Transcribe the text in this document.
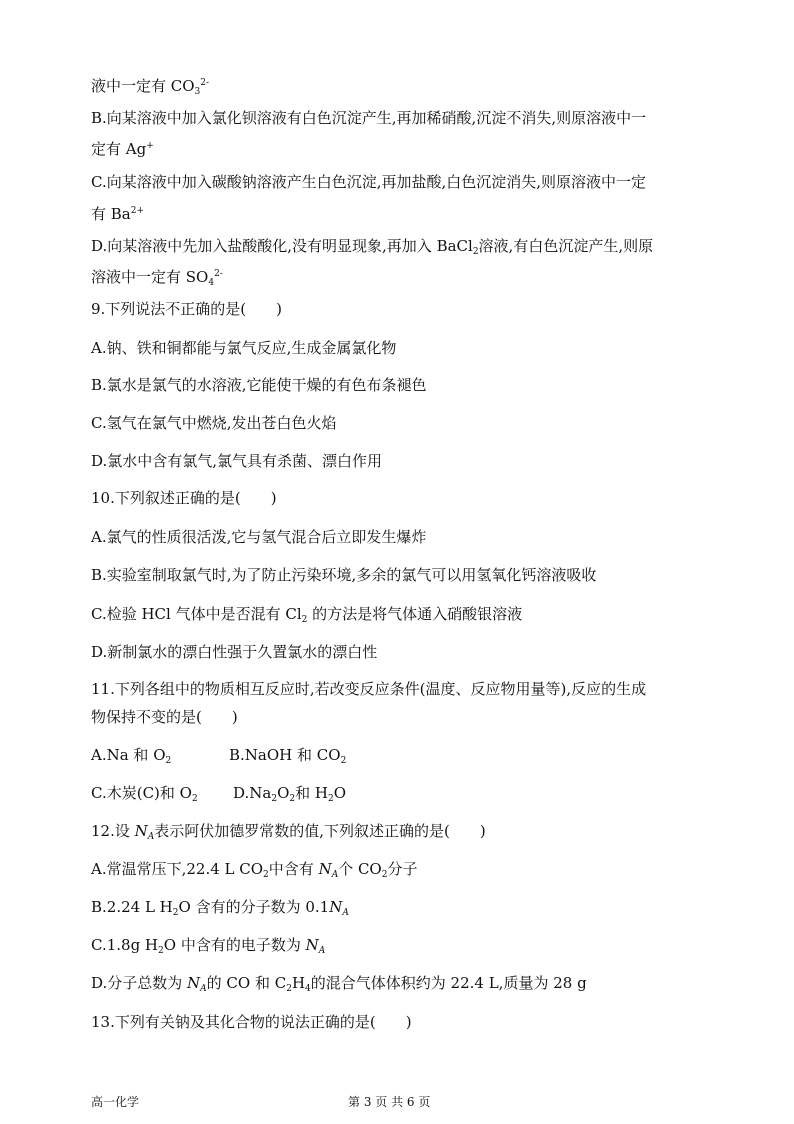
液中一定有 $CO_3^{2-}$
B.向某溶液中加入氯化钡溶液有白色沉淀产生,再加稀硝酸,沉淀不消失,则原溶液中一
定有 Ag+
C.向某溶液中加入碳酸钠溶液产生白色沉淀,再加盐酸,白色沉淀消失,则原溶液中一定
有 $Ba^{2+}$
D.向某溶液中先加入盐酸酸化,没有明显现象,再加入 BaCl$_2$溶液,有白色沉淀产生,则原
溶液中一定有 $SO_4^{2-}$
9.下列说法不正确的是(　　)
A.钠、铁和铜都能与氯气反应,生成金属氯化物
B.氯水是氯气的水溶液,它能使干燥的有色布条褪色
C.氢气在氯气中燃烧,发出苍白色火焰
D.氯水中含有氯气,氯气具有杀菌、漂白作用
10.下列叙述正确的是(　　)
A.氯气的性质很活泼,它与氢气混合后立即发生爆炸
B.实验室制取氯气时,为了防止污染环境,多余的氯气可以用氢氧化钙溶液吸收
C.检验 HCl 气体中是否混有 $Cl_2$ 的方法是将气体通入硝酸银溶液
D.新制氯水的漂白性强于久置氯水的漂白性
11.下列各组中的物质相互反应时,若改变反应条件(温度、反应物用量等),反应的生成
物保持不变的是(　　)
A.Na 和 $O_2$	B.NaOH 和 $CO_2$
C.木炭(C)和 $O_2$ $D.Na_2O_2$和 $H_2O$
12.设 $N_A$表示阿伏加德罗常数的值,下列叙述正确的是(　　)
A.常温常压下,22.4 L $CO_2$中含有 $N_A$个 $CO_2$分子
B.2.24 L $H_2O$ 含有的分子数为 $0.1N_A$
C.1.8g $H_2O$ 中含有的电子数为 $N_A$
D.分子总数为 $N_A$的 CO 和 $C_2H_4$的混合气体体积约为 22.4 L,质量为 28 g
13.下列有关钠及其化合物的说法正确的是(　　)
高一化学	第 3 页 共 6 页
